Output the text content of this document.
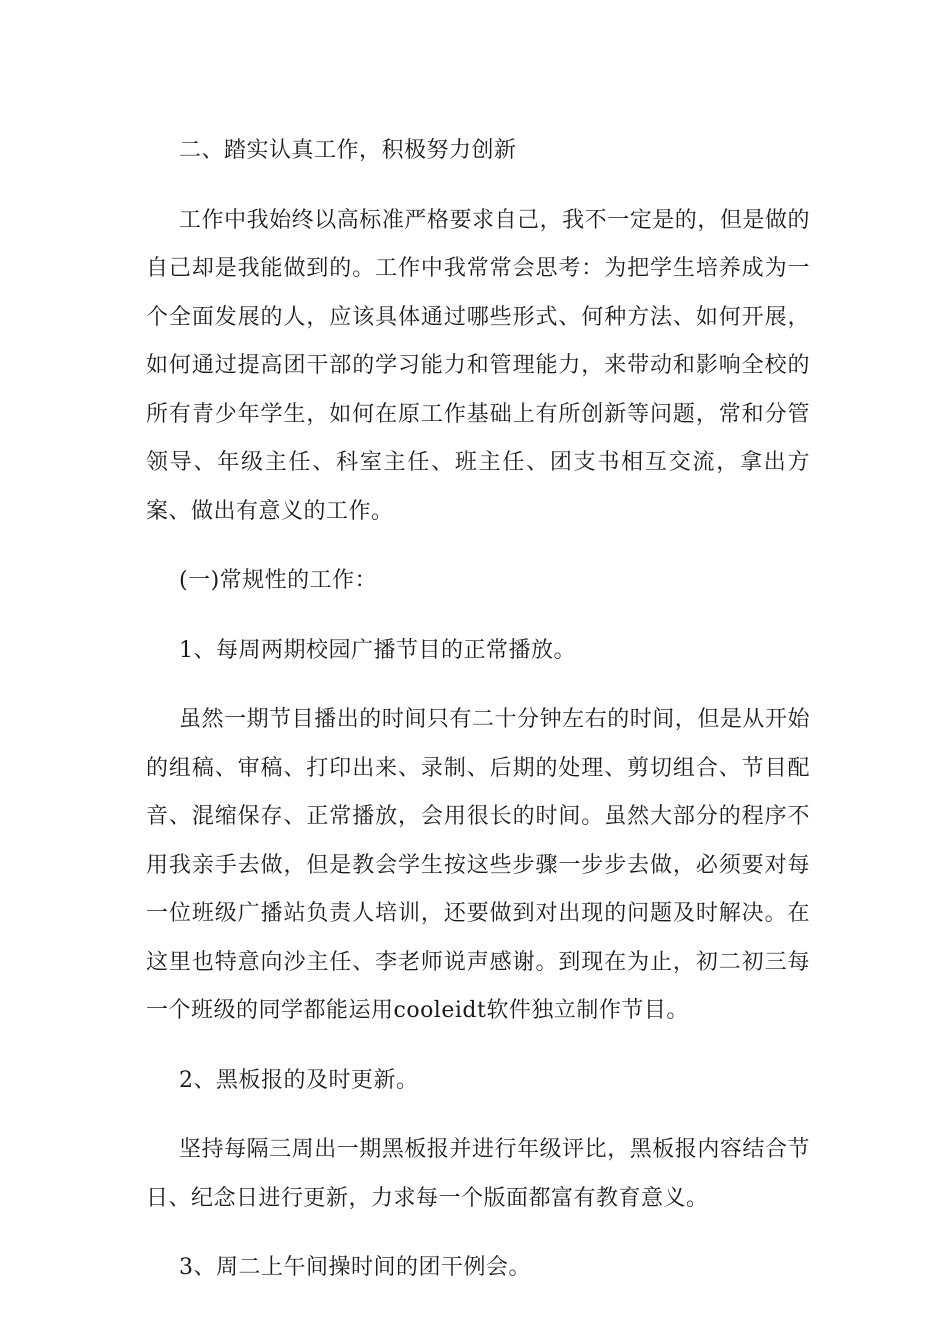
二、踏实认真工作，积极努力创新

工作中我始终以高标准严格要求自己，我不一定是的，但是做的自己却是我能做到的。工作中我常常会思考：为把学生培养成为一个全面发展的人，应该具体通过哪些形式、何种方法、如何开展，如何通过提高团干部的学习能力和管理能力，来带动和影响全校的所有青少年学生，如何在原工作基础上有所创新等问题，常和分管领导、年级主任、科室主任、班主任、团支书相互交流，拿出方案、做出有意义的工作。

(一)常规性的工作：

1、每周两期校园广播节目的正常播放。

虽然一期节目播出的时间只有二十分钟左右的时间，但是从开始的组稿、审稿、打印出来、录制、后期的处理、剪切组合、节目配音、混缩保存、正常播放，会用很长的时间。虽然大部分的程序不用我亲手去做，但是教会学生按这些步骤一步步去做，必须要对每一位班级广播站负责人培训，还要做到对出现的问题及时解决。在这里也特意向沙主任、李老师说声感谢。到现在为止，初二初三每一个班级的同学都能运用cooleidt软件独立制作节目。

2、黑板报的及时更新。

坚持每隔三周出一期黑板报并进行年级评比，黑板报内容结合节日、纪念日进行更新，力求每一个版面都富有教育意义。

3、周二上午间操时间的团干例会。
